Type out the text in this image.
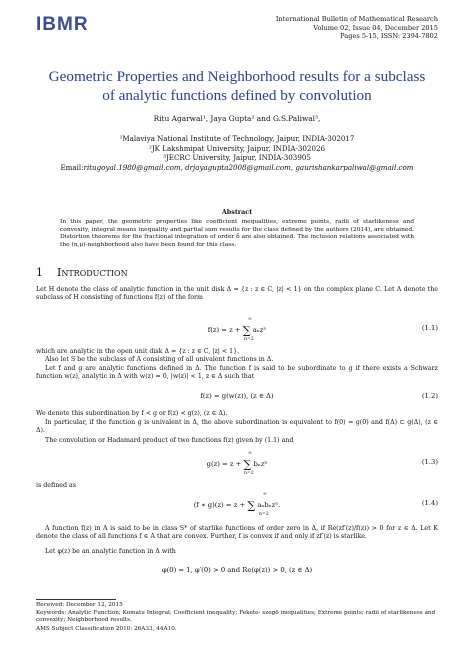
IBMR	International Bulletin of Mathematical Research
Volume 02, Issue 04, December 2015
Pages 5-15, ISSN: 2394-7802
Geometric Properties and Neighborhood results for a subclass
of analytic functions defined by convolution
Ritu Agarwal¹, Jaya Gupta² and G.S.Paliwal³,
¹Malaviya National Institute of Technology, Jaipur, INDIA-302017
²JK Lakshmipat University, Jaipur, INDIA-302026
³JECRC University, Jaipur, INDIA-303905
Email:ritugoyal.1980@gmail.com, drjayagupta2008@gmail.com, gaurishankarpaliwal@gmail.com
Abstract
In this paper, the geometric properties like coefficient inequalities, extreme points, radii of starlikeness and convexity, integral means inequality and partial sum results for the class defined by the authors (2014), are obtained. Distortion theorems for the fractional integration of order δ are also obtained. The inclusion relations associated with the (n,μ)-neighborhood also have been found for this class.
1 Introduction
Let H denote the class of analytic function in the unit disk Δ = {z : z ∈ C, |z| < 1} on the complex plane C. Let A denote the subclass of H consisting of functions f(z) of the form
f(z) = z + ∑ aₙzⁿ
∞
n=2
(1.1)
which are analytic in the open unit disk Δ = {z : z ∈ C, |z| < 1}.
Also let S be the subclass of A consisting of all univalent functions in Δ.
Let f and g are analytic functions defined in Δ. The function f is said to be subordinate to g if there exists a Schwarz function w(z), analytic in Δ with w(z) = 0, |w(z)| < 1, z ∈ Δ such that
f(z) = g(w(z)), (z ∈ Δ)	(1.2)
We denote this subordination by f ≺ g or f(z) ≺ g(z), (z ∈ Δ).
In particular, if the function g is univalent in Δ, the above subordination is equivalent to f(0) = g(0) and f(Δ) ⊂ g(Δ), (z ∈ Δ).
The convolution or Hadamard product of two functions f(z) given by (1.1) and
g(z) = z + ∑ bₙzⁿ
∞
n=2
(1.3)
is defined as
(f ∗ g)(z) = z + ∑ aₙbₙzⁿ.
∞
n=2
(1.4)
A function f(z) in A is said to be in class S* of starlike functions of order zero in Δ, if Re(zf′(z)/f(z)) > 0 for z ∈ Δ. Let K denote the class of all functions f ∈ A that are convex. Further, f is convex if and only if zf′(z) is starlike.
Let φ(z) be an analytic function in Δ with
φ(0) = 1, φ′(0) > 0 and Re(φ(z)) > 0, (z ∈ Δ)
Received: December 12, 2015
Keywords: Analytic Function; Komatu Integral; Coefficient inequality; Fekete- szegö inequalities; Extreme points; radii of starlikeness and convexity; Neighborhood results.
AMS Subject Classification 2010: 26A33, 44A10.
